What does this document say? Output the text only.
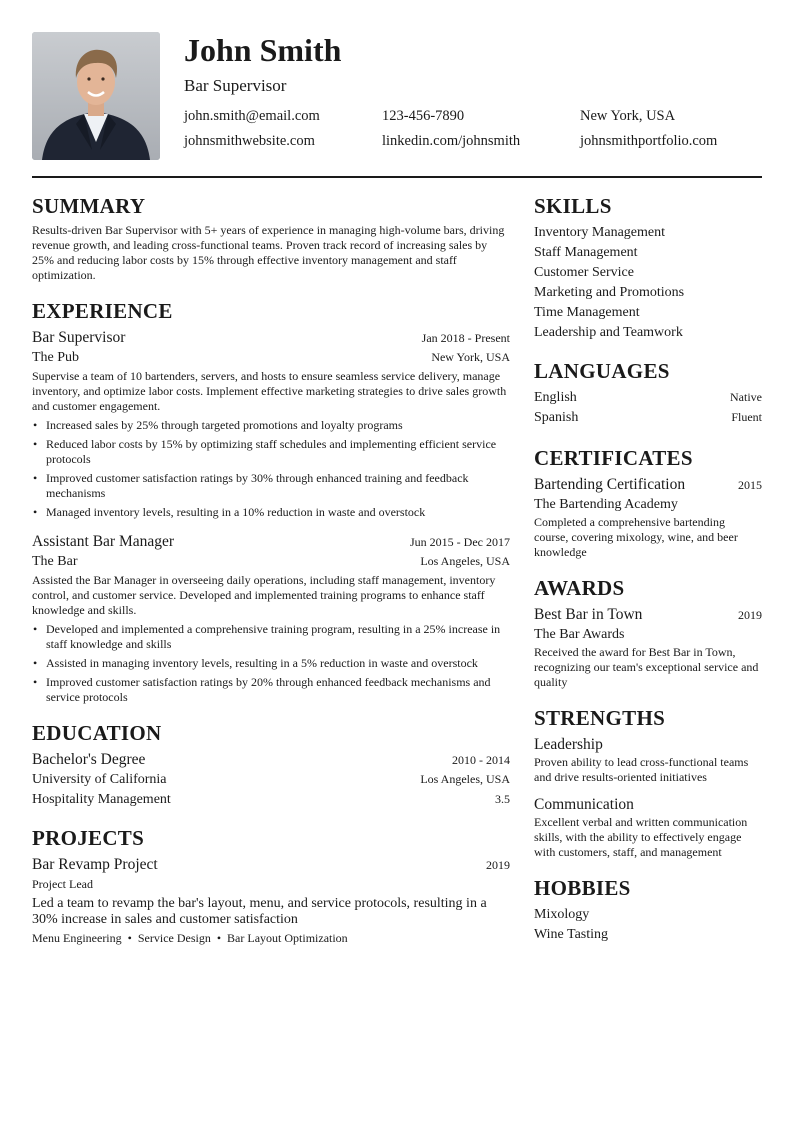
John Smith
Bar Supervisor
john.smith@email.com	123-456-7890	New York, USA
johnsmithwebsite.com	linkedin.com/johnsmith	johnsmithportfolio.com
SUMMARY
Results-driven Bar Supervisor with 5+ years of experience in managing high-volume bars, driving revenue growth, and leading cross-functional teams. Proven track record of increasing sales by 25% and reducing labor costs by 15% through effective inventory management and staff optimization.
EXPERIENCE
Bar Supervisor	Jan 2018 - Present
The Pub	New York, USA
Supervise a team of 10 bartenders, servers, and hosts to ensure seamless service delivery, manage inventory, and optimize labor costs. Implement effective marketing strategies to drive sales growth and customer engagement.
• Increased sales by 25% through targeted promotions and loyalty programs
• Reduced labor costs by 15% by optimizing staff schedules and implementing efficient service protocols
• Improved customer satisfaction ratings by 30% through enhanced training and feedback mechanisms
• Managed inventory levels, resulting in a 10% reduction in waste and overstock
Assistant Bar Manager	Jun 2015 - Dec 2017
The Bar	Los Angeles, USA
Assisted the Bar Manager in overseeing daily operations, including staff management, inventory control, and customer service. Developed and implemented training programs to enhance staff knowledge and skills.
• Developed and implemented a comprehensive training program, resulting in a 25% increase in staff knowledge and skills
• Assisted in managing inventory levels, resulting in a 5% reduction in waste and overstock
• Improved customer satisfaction ratings by 20% through enhanced feedback mechanisms and service protocols
EDUCATION
Bachelor's Degree	2010 - 2014
University of California	Los Angeles, USA
Hospitality Management	3.5
PROJECTS
Bar Revamp Project	2019
Project Lead
Led a team to revamp the bar's layout, menu, and service protocols, resulting in a 30% increase in sales and customer satisfaction
Menu Engineering • Service Design • Bar Layout Optimization
SKILLS
Inventory Management
Staff Management
Customer Service
Marketing and Promotions
Time Management
Leadership and Teamwork
LANGUAGES
English	Native
Spanish	Fluent
CERTIFICATES
Bartending Certification	2015
The Bartending Academy
Completed a comprehensive bartending course, covering mixology, wine, and beer knowledge
AWARDS
Best Bar in Town	2019
The Bar Awards
Received the award for Best Bar in Town, recognizing our team's exceptional service and quality
STRENGTHS
Leadership
Proven ability to lead cross-functional teams and drive results-oriented initiatives
Communication
Excellent verbal and written communication skills, with the ability to effectively engage with customers, staff, and management
HOBBIES
Mixology
Wine Tasting
